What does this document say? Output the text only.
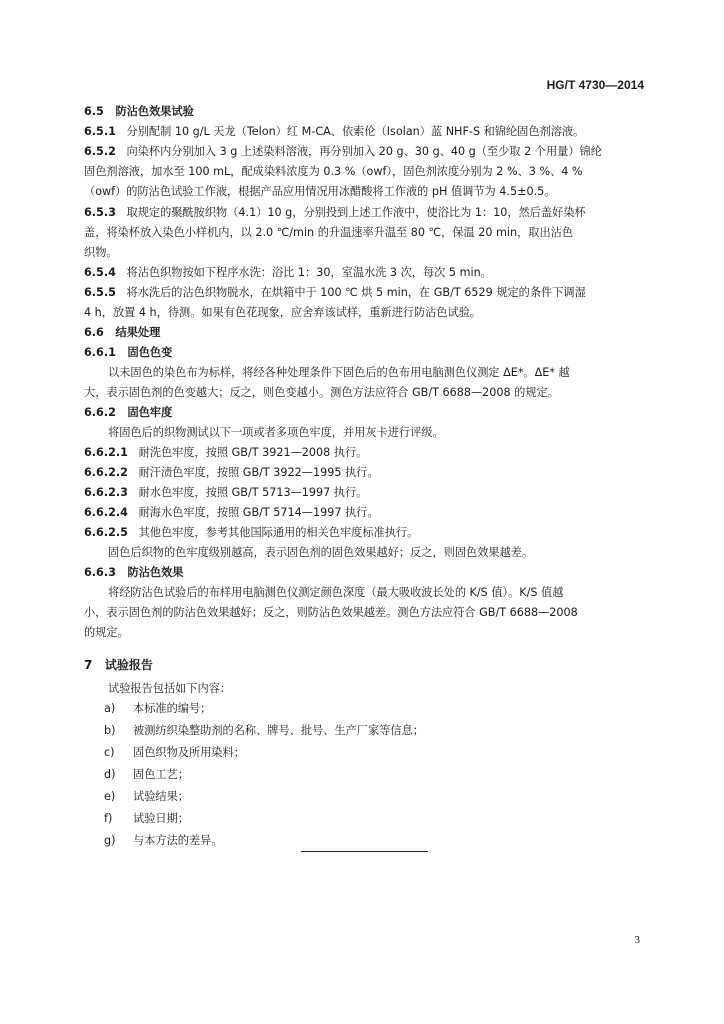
HG/T 4730—2014
6.5 防沾色效果试验
6.5.1 分别配制 10 g/L 天龙（Telon）红 M-CA、依索伦（Isolan）蓝 NHF-S 和锦纶固色剂溶液。
6.5.2 向染杯内分别加入 3 g 上述染料溶液，再分别加入 20 g、30 g、40 g（至少取 2 个用量）锦纶
固色剂溶液，加水至 100 mL，配成染料浓度为 0.3 %（owf），固色剂浓度分别为 2 %、3 %、4 %
（owf）的防沾色试验工作液，根据产品应用情况用冰醋酸将工作液的 pH 值调节为 4.5±0.5。
6.5.3 取规定的聚酰胺织物（4.1）10 g，分别投到上述工作液中，使浴比为 1：10，然后盖好染杯
盖，将染杯放入染色小样机内，以 2.0 ℃/min 的升温速率升温至 80 ℃，保温 20 min，取出沾色
织物。
6.5.4 将沾色织物按如下程序水洗：浴比 1：30，室温水洗 3 次，每次 5 min。
6.5.5 将水洗后的沾色织物脱水，在烘箱中于 100 ℃ 烘 5 min，在 GB/T 6529 规定的条件下调湿
4 h，放置 4 h，待测。如果有色花现象，应舍弃该试样，重新进行防沾色试验。
6.6 结果处理
6.6.1 固色色变
以未固色的染色布为标样，将经各种处理条件下固色后的色布用电脑测色仪测定 ΔE*。ΔE* 越
大，表示固色剂的色变越大；反之，则色变越小。测色方法应符合 GB/T 6688—2008 的规定。
6.6.2 固色牢度
将固色后的织物测试以下一项或者多项色牢度，并用灰卡进行评级。
6.6.2.1 耐洗色牢度，按照 GB/T 3921—2008 执行。
6.6.2.2 耐汗渍色牢度，按照 GB/T 3922—1995 执行。
6.6.2.3 耐水色牢度，按照 GB/T 5713—1997 执行。
6.6.2.4 耐海水色牢度，按照 GB/T 5714—1997 执行。
6.6.2.5 其他色牢度，参考其他国际通用的相关色牢度标准执行。
固色后织物的色牢度级别越高，表示固色剂的固色效果越好；反之，则固色效果越差。
6.6.3 防沾色效果
将经防沾色试验后的布样用电脑测色仪测定颜色深度（最大吸收波长处的 K/S 值）。K/S 值越
小，表示固色剂的防沾色效果越好；反之，则防沾色效果越差。测色方法应符合 GB/T 6688—2008
的规定。
7 试验报告
试验报告包括如下内容：
a) 本标准的编号；
b) 被测纺织染整助剂的名称、牌号、批号、生产厂家等信息；
c) 固色织物及所用染料；
d) 固色工艺；
e) 试验结果；
f) 试验日期；
g) 与本方法的差异。
3
